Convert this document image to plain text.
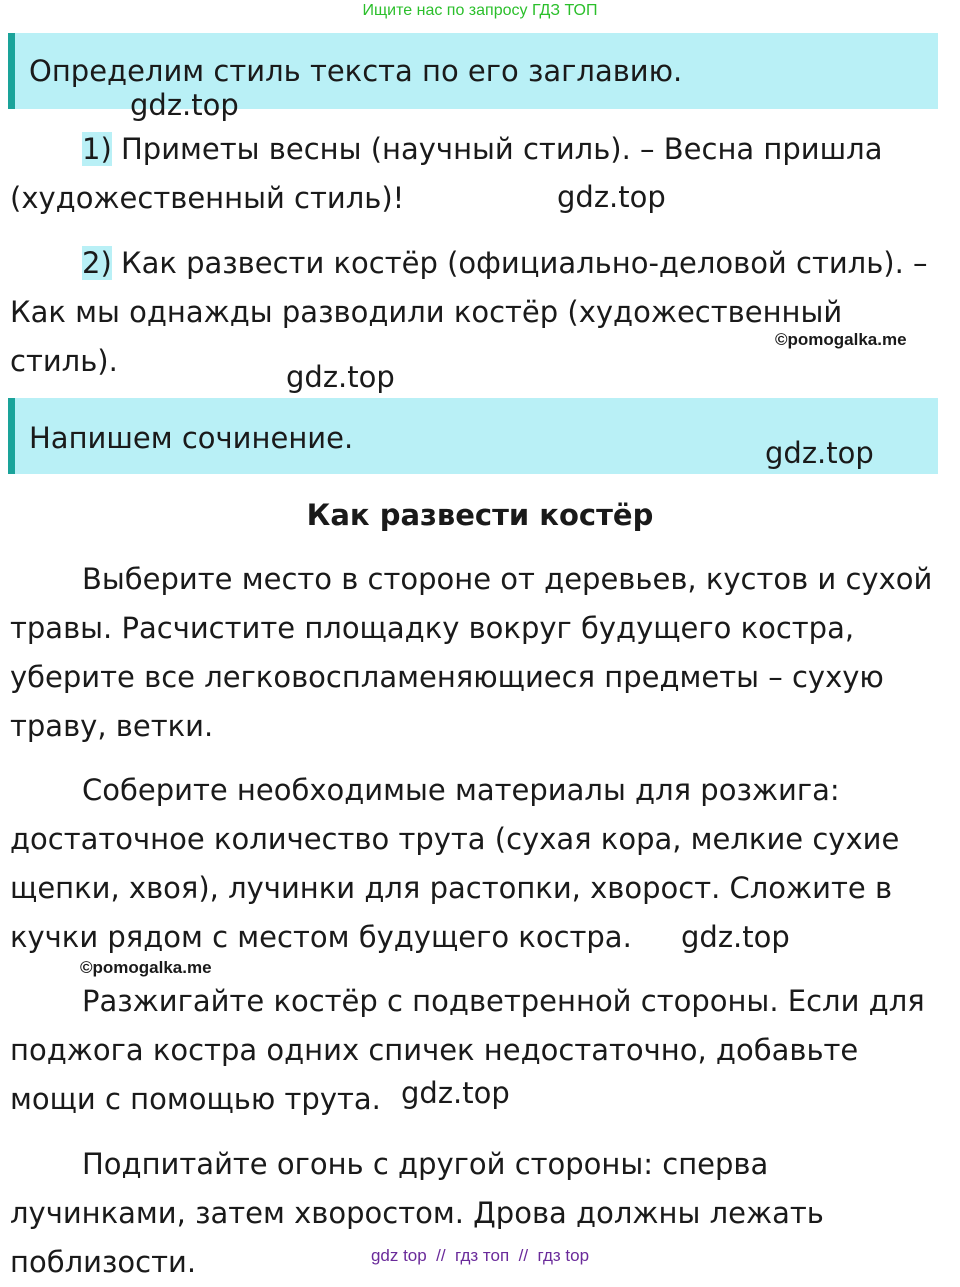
Ищите нас по запросу ГДЗ ТОП
Определим стиль текста по его заглавию.

1) Приметы весны (научный стиль). – Весна пришла (художественный стиль)!

2) Как развести костёр (официально-деловой стиль). – Как мы однажды разводили костёр (художественный стиль).

Напишем сочинение.
Как развести костёр

Выберите место в стороне от деревьев, кустов и сухой травы. Расчистите площадку вокруг будущего костра, уберите все легковоспламеняющиеся предметы – сухую траву, ветки.

Соберите необходимые материалы для розжига: достаточное количество трута (сухая кора, мелкие сухие щепки, хвоя), лучинки для растопки, хворост. Сложите в кучки рядом с местом будущего костра.

Разжигайте костёр с подветренной стороны. Если для поджога костра одних спичек недостаточно, добавьте мощи с помощью трута.

Подпитайте огонь с другой стороны: сперва лучинками, затем хворостом. Дрова должны лежать поблизости.

gdz.top
gdz.top
©pomogalka.me
gdz.top
gdz.top
gdz.top
©pomogalka.me
gdz.top
gdz top  //  гдз топ  //  гдз top
